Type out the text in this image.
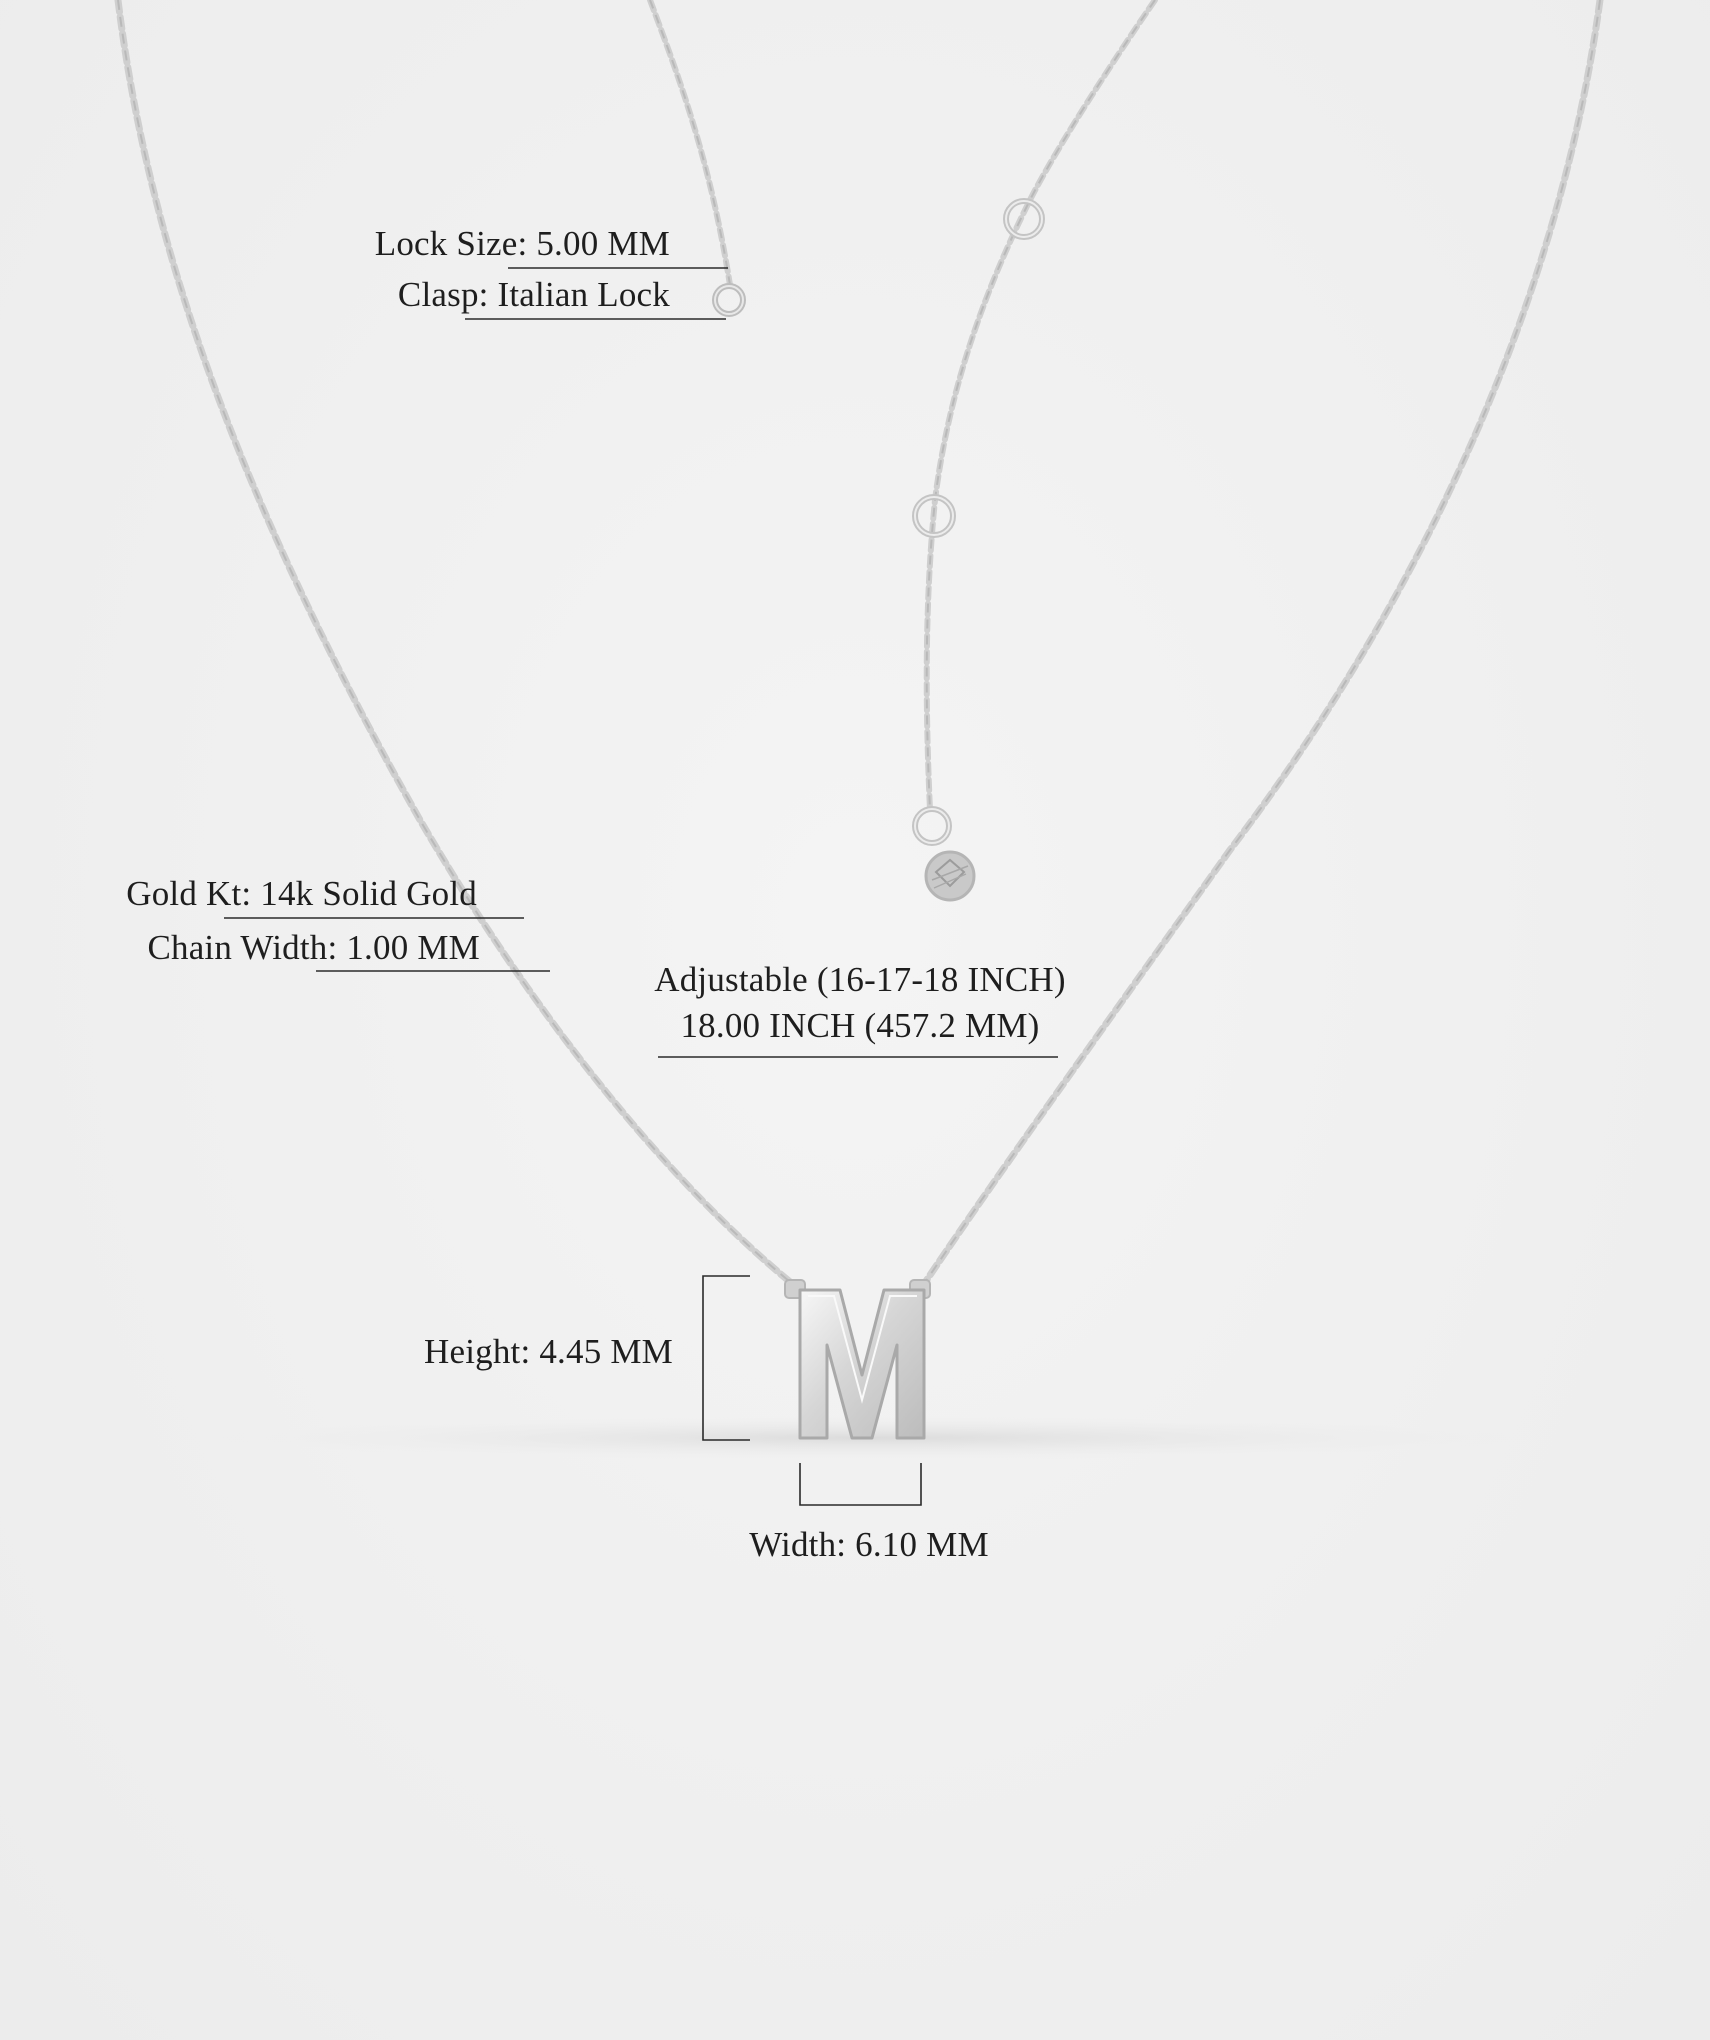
Lock Size: 5.00 MM
Clasp: Italian Lock
Gold Kt: 14k Solid Gold
Chain Width: 1.00 MM
Adjustable (16-17-18 INCH)
18.00 INCH (457.2 MM)
Height: 4.45 MM
Width: 6.10 MM
